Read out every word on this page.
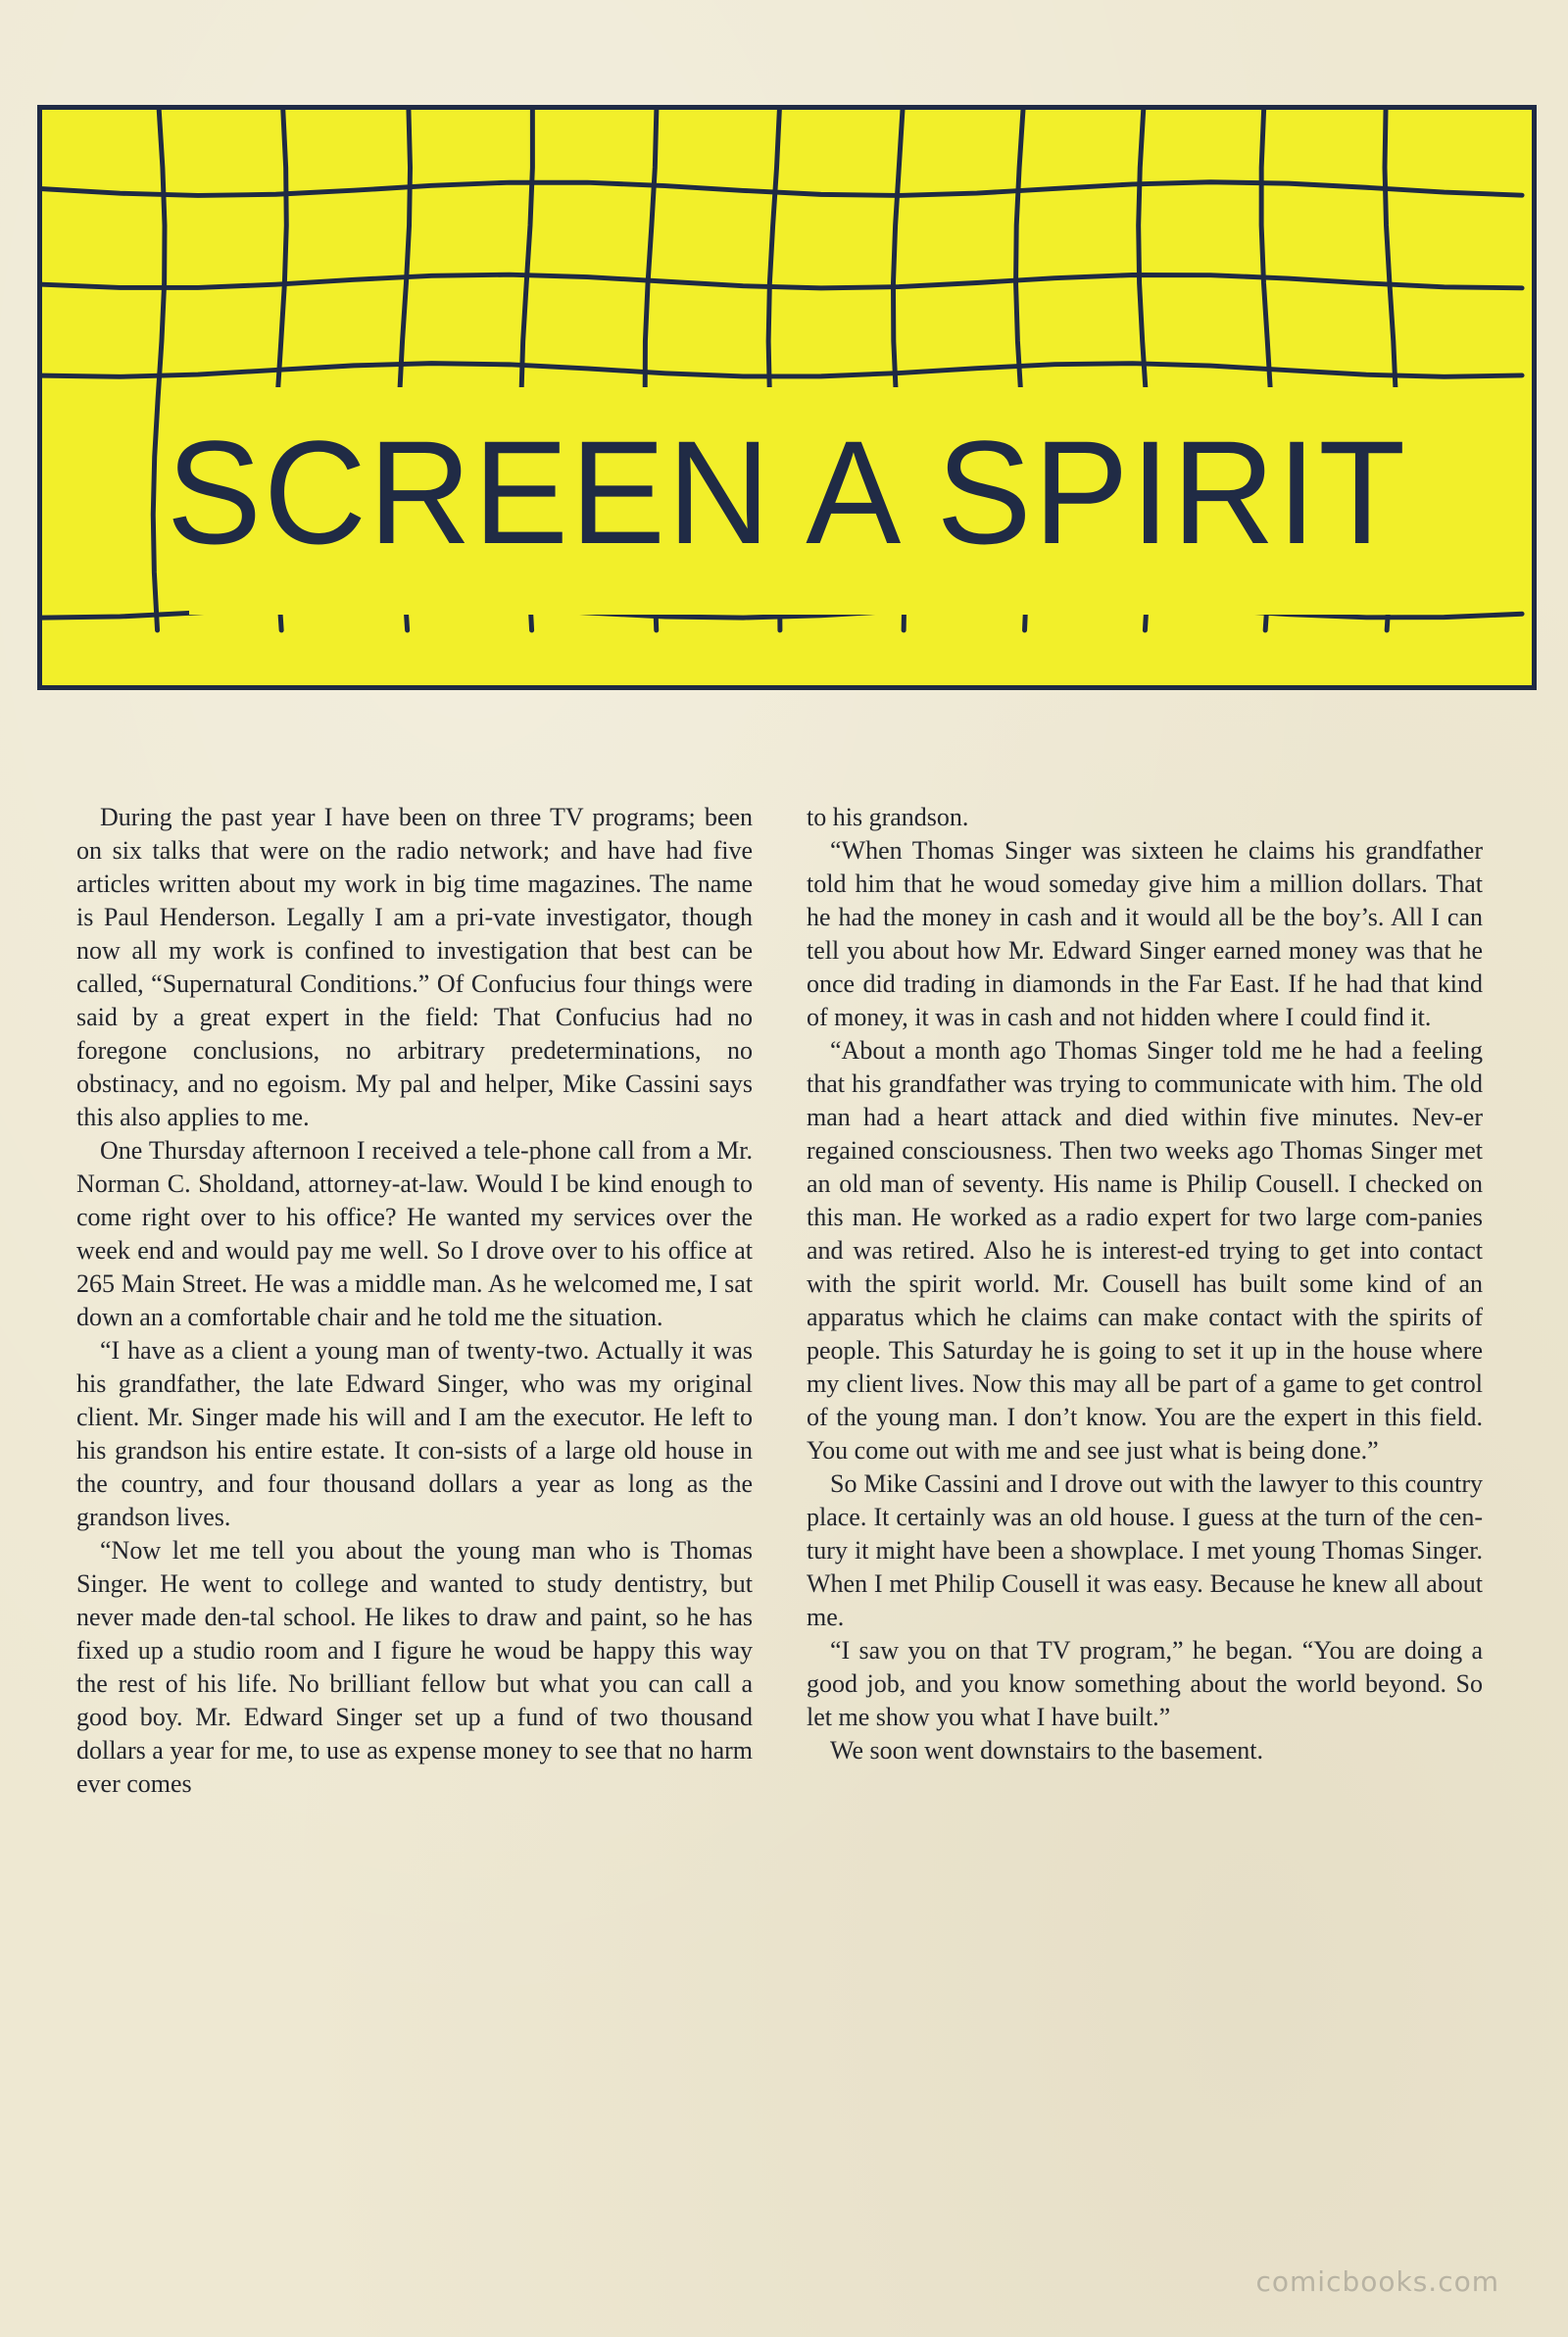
SCREEN A SPIRIT

During the past year I have been on three TV programs; been on six talks that were on the radio network; and have had five articles written about my work in big time magazines. The name is Paul Henderson. Legally I am a pri-vate investigator, though now all my work is confined to investigation that best can be called, “Supernatural Conditions.” Of Confucius four things were said by a great expert in the field: That Confucius had no foregone conclusions, no arbitrary predeterminations, no obstinacy, and no egoism. My pal and helper, Mike Cassini says this also applies to me.

One Thursday afternoon I received a tele-phone call from a Mr. Norman C. Sholdand, attorney-at-law. Would I be kind enough to come right over to his office? He wanted my services over the week end and would pay me well. So I drove over to his office at 265 Main Street. He was a middle man. As he welcomed me, I sat down an a comfortable chair and he told me the situation.

“I have as a client a young man of twenty-two. Actually it was his grandfather, the late Edward Singer, who was my original client. Mr. Singer made his will and I am the executor. He left to his grandson his entire estate. It con-sists of a large old house in the country, and four thousand dollars a year as long as the grandson lives.

“Now let me tell you about the young man who is Thomas Singer. He went to college and wanted to study dentistry, but never made den-tal school. He likes to draw and paint, so he has fixed up a studio room and I figure he woud be happy this way the rest of his life. No brilliant fellow but what you can call a good boy. Mr. Edward Singer set up a fund of two thousand dollars a year for me, to use as expense money to see that no harm ever comes

to his grandson.

“When Thomas Singer was sixteen he claims his grandfather told him that he woud someday give him a million dollars. That he had the money in cash and it would all be the boy’s. All I can tell you about how Mr. Edward Singer earned money was that he once did trading in diamonds in the Far East. If he had that kind of money, it was in cash and not hidden where I could find it.

“About a month ago Thomas Singer told me he had a feeling that his grandfather was trying to communicate with him. The old man had a heart attack and died within five minutes. Nev-er regained consciousness. Then two weeks ago Thomas Singer met an old man of seventy. His name is Philip Cousell. I checked on this man. He worked as a radio expert for two large com-panies and was retired. Also he is interest-ed trying to get into contact with the spirit world. Mr. Cousell has built some kind of an apparatus which he claims can make contact with the spirits of people. This Saturday he is going to set it up in the house where my client lives. Now this may all be part of a game to get control of the young man. I don’t know. You are the expert in this field. You come out with me and see just what is being done.”

So Mike Cassini and I drove out with the lawyer to this country place. It certainly was an old house. I guess at the turn of the cen-tury it might have been a showplace. I met young Thomas Singer. When I met Philip Cousell it was easy. Because he knew all about me.

“I saw you on that TV program,” he began. “You are doing a good job, and you know something about the world beyond. So let me show you what I have built.”

We soon went downstairs to the basement.

comicbooks.com
